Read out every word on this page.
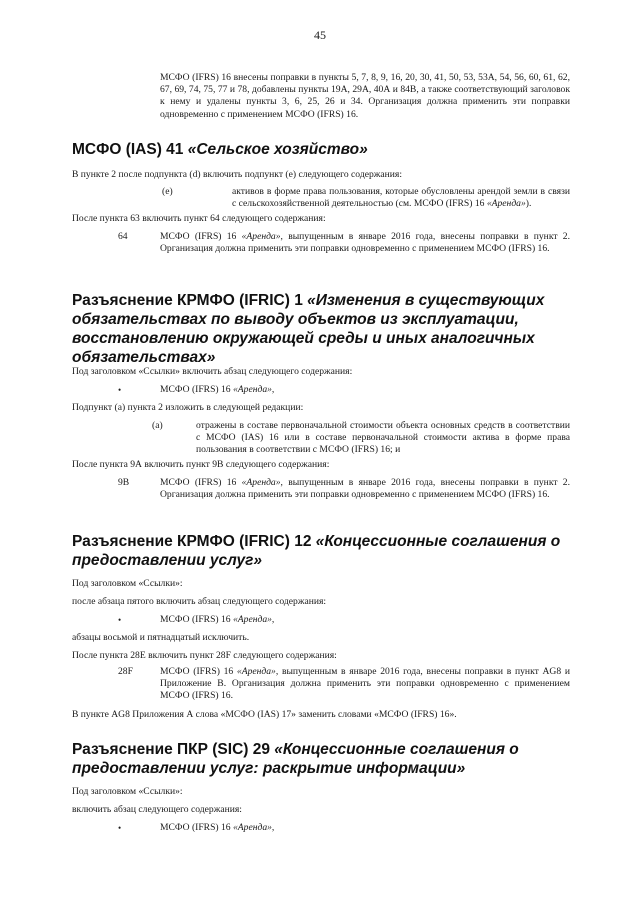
45
МСФО (IFRS) 16 внесены поправки в пункты 5, 7, 8, 9, 16, 20, 30, 41, 50, 53, 53А, 54, 56, 60, 61, 62, 67, 69, 74, 75, 77 и 78, добавлены пункты 19А, 29А, 40А и 84В, а также соответствующий заголовок к нему и удалены пункты 3, 6, 25, 26 и 34. Организация должна применить эти поправки одновременно с применением МСФО (IFRS) 16.
МСФО (IAS) 41 «Сельское хозяйство»
В пункте 2 после подпункта (d) включить подпункт (e) следующего содержания:
(e)	активов в форме права пользования, которые обусловлены арендой земли в связи с сельскохозяйственной деятельностью (см. МСФО (IFRS) 16 «Аренда»).
После пункта 63 включить пункт 64 следующего содержания:
64	МСФО (IFRS) 16 «Аренда», выпущенным в январе 2016 года, внесены поправки в пункт 2. Организация должна применить эти поправки одновременно с применением МСФО (IFRS) 16.
Разъяснение КРМФО (IFRIC) 1 «Изменения в существующих обязательствах по выводу объектов из эксплуатации, восстановлению окружающей среды и иных аналогичных обязательствах»
Под заголовком «Ссылки» включить абзац следующего содержания:
•	МСФО (IFRS) 16 «Аренда»,
Подпункт (а) пункта 2 изложить в следующей редакции:
(a)	отражены в составе первоначальной стоимости объекта основных средств в соответствии с МСФО (IAS) 16 или в составе первоначальной стоимости актива в форме права пользования в соответствии с МСФО (IFRS) 16; и
После пункта 9А включить пункт 9В следующего содержания:
9В	МСФО (IFRS) 16 «Аренда», выпущенным в январе 2016 года, внесены поправки в пункт 2. Организация должна применить эти поправки одновременно с применением МСФО (IFRS) 16.
Разъяснение КРМФО (IFRIC) 12 «Концессионные соглашения о предоставлении услуг»
Под заголовком «Ссылки»:
после абзаца пятого включить абзац следующего содержания:
•	МСФО (IFRS) 16 «Аренда»,
абзацы восьмой и пятнадцатый исключить.
После пункта 28Е включить пункт 28F следующего содержания:
28F	МСФО (IFRS) 16 «Аренда», выпущенным в январе 2016 года, внесены поправки в пункт AG8 и Приложение В. Организация должна применить эти поправки одновременно с применением МСФО (IFRS) 16.
В пункте AG8 Приложения А слова «МСФО (IAS) 17» заменить словами «МСФО (IFRS) 16».
Разъяснение ПКР (SIC) 29 «Концессионные соглашения о предоставлении услуг: раскрытие информации»
Под заголовком «Ссылки»:
включить абзац следующего содержания:
•	МСФО (IFRS) 16 «Аренда»,
